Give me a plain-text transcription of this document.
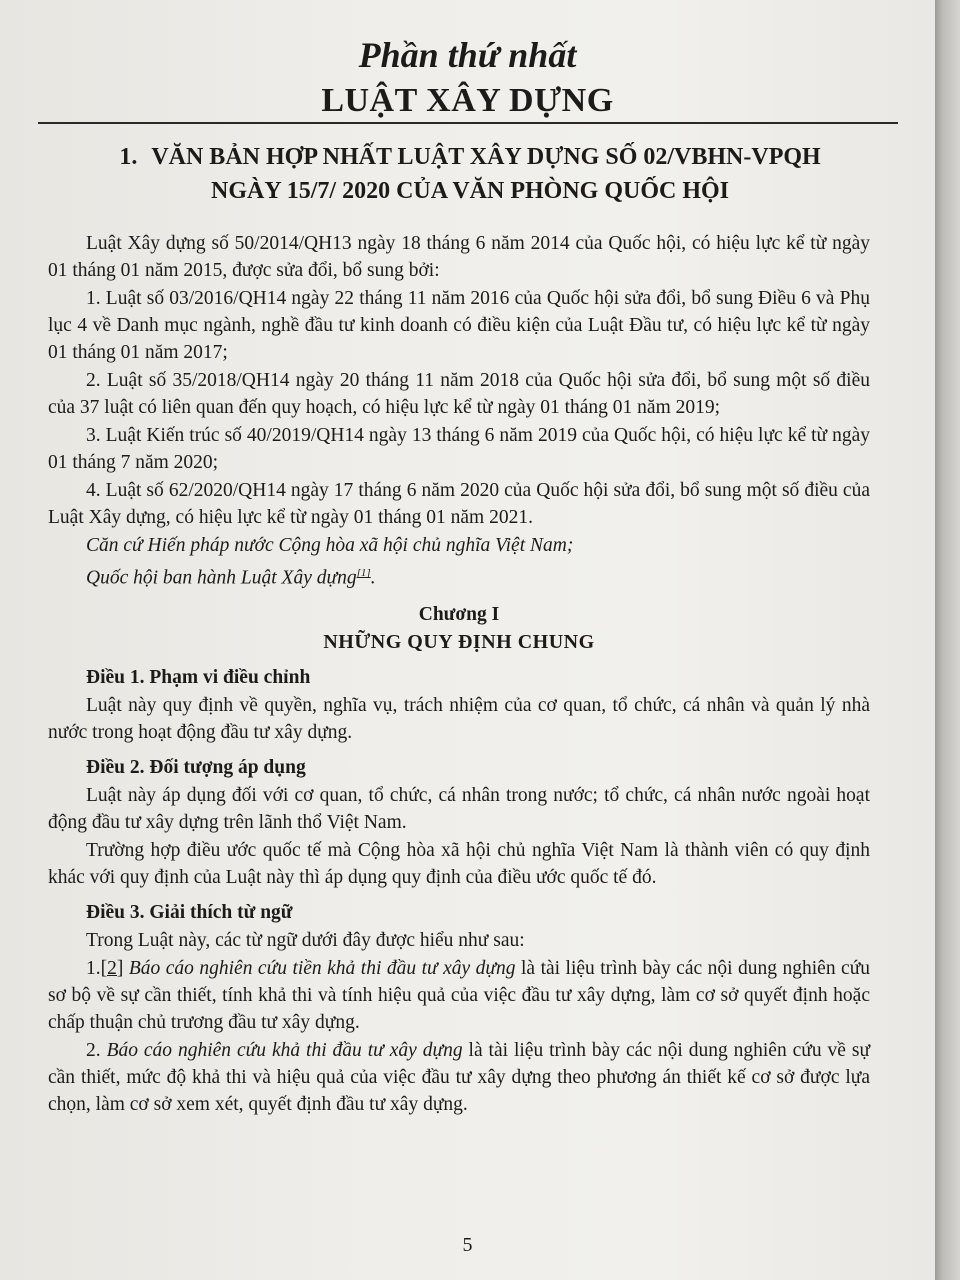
Phần thứ nhất
LUẬT XÂY DỰNG
1. VĂN BẢN HỢP NHẤT LUẬT XÂY DỰNG SỐ 02/VBHN-VPQH
NGÀY 15/7/ 2020 CỦA VĂN PHÒNG QUỐC HỘI

Luật Xây dựng số 50/2014/QH13 ngày 18 tháng 6 năm 2014 của Quốc hội, có hiệu lực kể từ ngày 01 tháng 01 năm 2015, được sửa đổi, bổ sung bởi:

1. Luật số 03/2016/QH14 ngày 22 tháng 11 năm 2016 của Quốc hội sửa đổi, bổ sung Điều 6 và Phụ lục 4 về Danh mục ngành, nghề đầu tư kinh doanh có điều kiện của Luật Đầu tư, có hiệu lực kể từ ngày 01 tháng 01 năm 2017;

2. Luật số 35/2018/QH14 ngày 20 tháng 11 năm 2018 của Quốc hội sửa đổi, bổ sung một số điều của 37 luật có liên quan đến quy hoạch, có hiệu lực kể từ ngày 01 tháng 01 năm 2019;

3. Luật Kiến trúc số 40/2019/QH14 ngày 13 tháng 6 năm 2019 của Quốc hội, có hiệu lực kể từ ngày 01 tháng 7 năm 2020;

4. Luật số 62/2020/QH14 ngày 17 tháng 6 năm 2020 của Quốc hội sửa đổi, bổ sung một số điều của Luật Xây dựng, có hiệu lực kể từ ngày 01 tháng 01 năm 2021.

Căn cứ Hiến pháp nước Cộng hòa xã hội chủ nghĩa Việt Nam;

Quốc hội ban hành Luật Xây dựng[1].

Chương I
NHỮNG QUY ĐỊNH CHUNG

Điều 1. Phạm vi điều chỉnh

Luật này quy định về quyền, nghĩa vụ, trách nhiệm của cơ quan, tổ chức, cá nhân và quản lý nhà nước trong hoạt động đầu tư xây dựng.

Điều 2. Đối tượng áp dụng

Luật này áp dụng đối với cơ quan, tổ chức, cá nhân trong nước; tổ chức, cá nhân nước ngoài hoạt động đầu tư xây dựng trên lãnh thổ Việt Nam.

Trường hợp điều ước quốc tế mà Cộng hòa xã hội chủ nghĩa Việt Nam là thành viên có quy định khác với quy định của Luật này thì áp dụng quy định của điều ước quốc tế đó.

Điều 3. Giải thích từ ngữ

Trong Luật này, các từ ngữ dưới đây được hiểu như sau:

1.[2] Báo cáo nghiên cứu tiền khả thi đầu tư xây dựng là tài liệu trình bày các nội dung nghiên cứu sơ bộ về sự cần thiết, tính khả thi và tính hiệu quả của việc đầu tư xây dựng, làm cơ sở quyết định hoặc chấp thuận chủ trương đầu tư xây dựng.

2. Báo cáo nghiên cứu khả thi đầu tư xây dựng là tài liệu trình bày các nội dung nghiên cứu về sự cần thiết, mức độ khả thi và hiệu quả của việc đầu tư xây dựng theo phương án thiết kế cơ sở được lựa chọn, làm cơ sở xem xét, quyết định đầu tư xây dựng.

5
